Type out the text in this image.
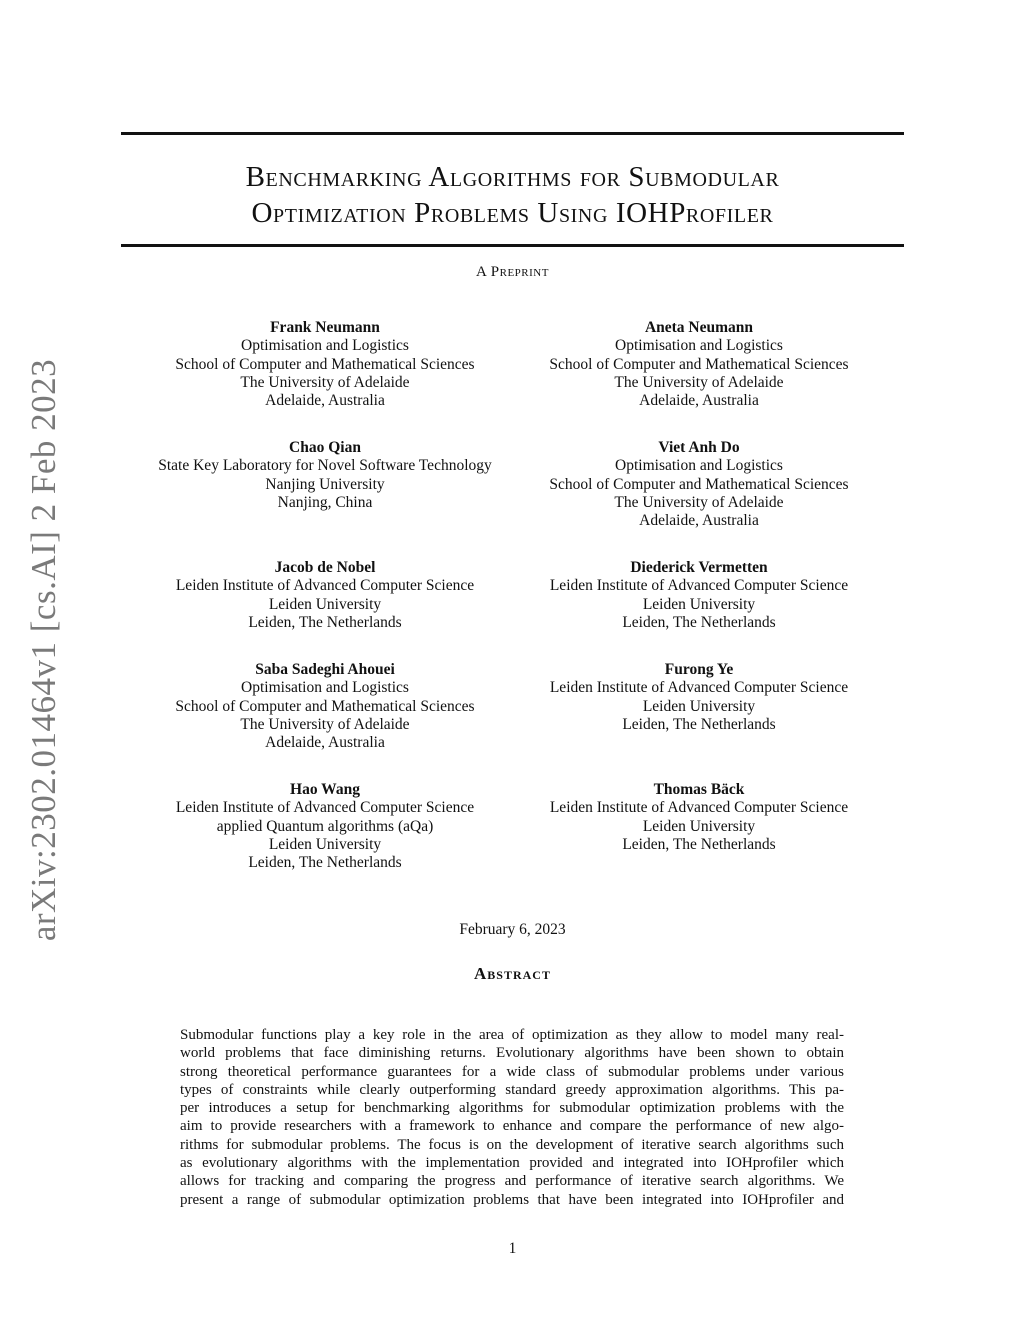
Benchmarking Algorithms for Submodular
Optimization Problems Using IOHProfiler
A Preprint
arXiv:2302.01464v1 [cs.AI] 2 Feb 2023
Frank Neumann
Optimisation and Logistics
School of Computer and Mathematical Sciences
The University of Adelaide
Adelaide, Australia
Aneta Neumann
Optimisation and Logistics
School of Computer and Mathematical Sciences
The University of Adelaide
Adelaide, Australia
Chao Qian
State Key Laboratory for Novel Software Technology
Nanjing University
Nanjing, China
Viet Anh Do
Optimisation and Logistics
School of Computer and Mathematical Sciences
The University of Adelaide
Adelaide, Australia
Jacob de Nobel
Leiden Institute of Advanced Computer Science
Leiden University
Leiden, The Netherlands
Diederick Vermetten
Leiden Institute of Advanced Computer Science
Leiden University
Leiden, The Netherlands
Saba Sadeghi Ahouei
Optimisation and Logistics
School of Computer and Mathematical Sciences
The University of Adelaide
Adelaide, Australia
Furong Ye
Leiden Institute of Advanced Computer Science
Leiden University
Leiden, The Netherlands
Hao Wang
Leiden Institute of Advanced Computer Science
applied Quantum algorithms (aQa)
Leiden University
Leiden, The Netherlands
Thomas Bäck
Leiden Institute of Advanced Computer Science
Leiden University
Leiden, The Netherlands
February 6, 2023
Abstract
Submodular functions play a key role in the area of optimization as they allow to model many real-
world problems that face diminishing returns. Evolutionary algorithms have been shown to obtain
strong theoretical performance guarantees for a wide class of submodular problems under various
types of constraints while clearly outperforming standard greedy approximation algorithms. This pa-
per introduces a setup for benchmarking algorithms for submodular optimization problems with the
aim to provide researchers with a framework to enhance and compare the performance of new algo-
rithms for submodular problems. The focus is on the development of iterative search algorithms such
as evolutionary algorithms with the implementation provided and integrated into IOHprofiler which
allows for tracking and comparing the progress and performance of iterative search algorithms. We
present a range of submodular optimization problems that have been integrated into IOHprofiler and
1
